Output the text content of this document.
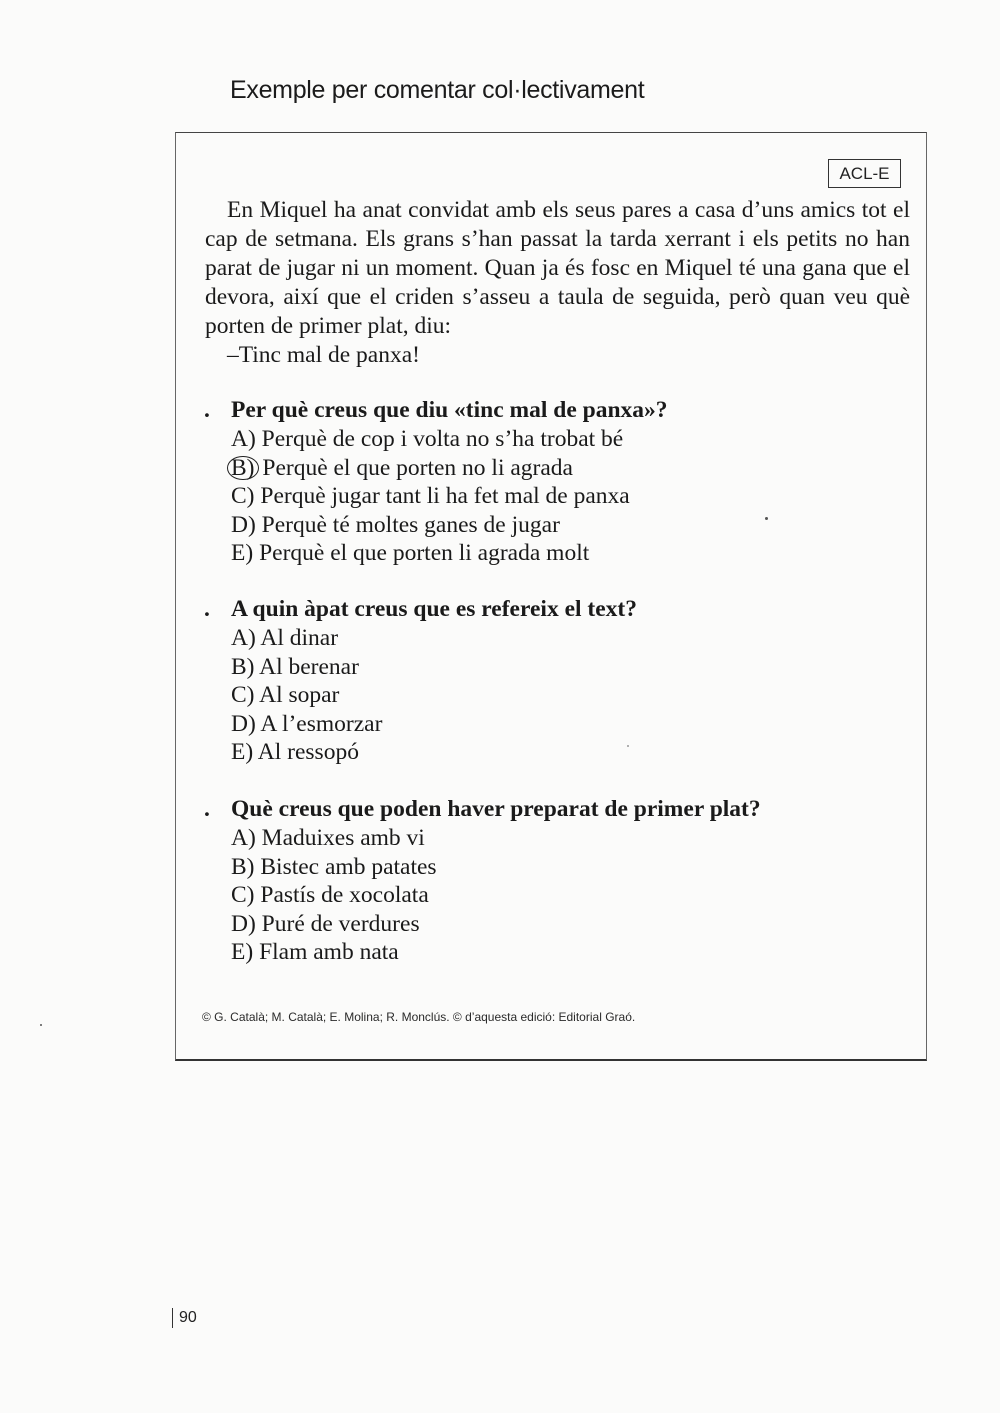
Exemple per comentar col·lectivament
ACL-E

En Miquel ha anat convidat amb els seus pares a casa d’uns amics tot el cap de setmana. Els grans s’han passat la tarda xerrant i els petits no han parat de jugar ni un moment. Quan ja és fosc en Miquel té una gana que el devora, així que el criden s’asseu a taula de seguida, però quan veu què porten de primer plat, diu:

–Tinc mal de panxa!
. Per què creus que diu «tinc mal de panxa»?
A) Perquè de cop i volta no s’ha trobat bé
B) Perquè el que porten no li agrada
C) Perquè jugar tant li ha fet mal de panxa
D) Perquè té moltes ganes de jugar
E) Perquè el que porten li agrada molt
. A quin àpat creus que es refereix el text?
A) Al dinar
B) Al berenar
C) Al sopar
D) A l’esmorzar
E) Al ressopó
. Què creus que poden haver preparat de primer plat?
A) Maduixes amb vi
B) Bistec amb patates
C) Pastís de xocolata
D) Puré de verdures
E) Flam amb nata
© G. Català; M. Català; E. Molina; R. Monclús. © d’aquesta edició: Editorial Graó.
90
